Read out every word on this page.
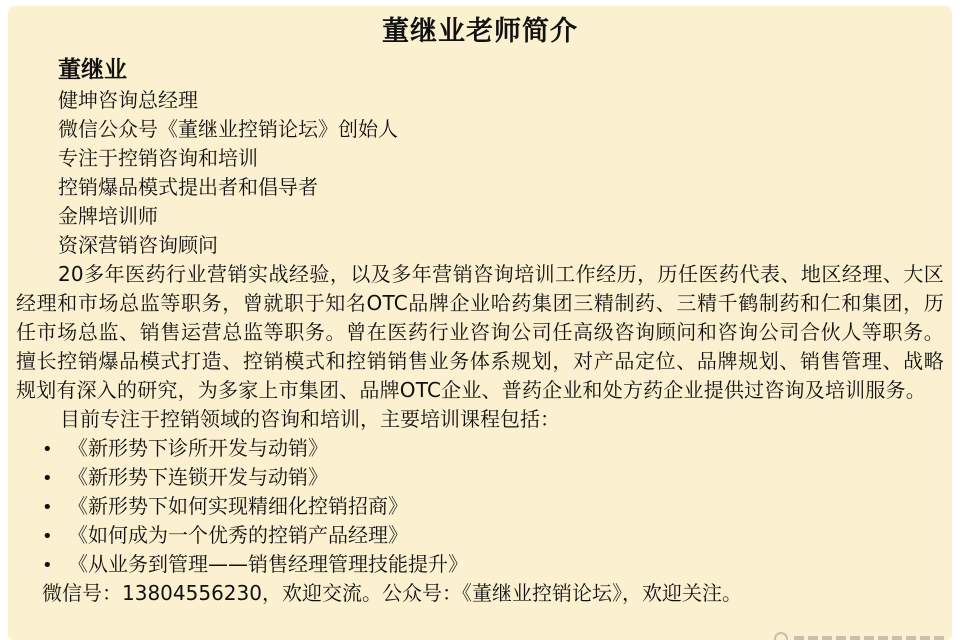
董继业老师简介
董继业
健坤咨询总经理
微信公众号《董继业控销论坛》创始人
专注于控销咨询和培训
控销爆品模式提出者和倡导者
金牌培训师
资深营销咨询顾问

20多年医药行业营销实战经验，以及多年营销咨询培训工作经历，历任医药代表、地区经理、大区经理和市场总监等职务，曾就职于知名OTC品牌企业哈药集团三精制药、三精千鹤制药和仁和集团，历任市场总监、销售运营总监等职务。曾在医药行业咨询公司任高级咨询顾问和咨询公司合伙人等职务。擅长控销爆品模式打造、控销模式和控销销售业务体系规划，对产品定位、品牌规划、销售管理、战略规划有深入的研究，为多家上市集团、品牌OTC企业、普药企业和处方药企业提供过咨询及培训服务。

目前专注于控销领域的咨询和培训，主要培训课程包括：
• 《新形势下诊所开发与动销》
• 《新形势下连锁开发与动销》
• 《新形势下如何实现精细化控销招商》
• 《如何成为一个优秀的控销产品经理》
• 《从业务到管理——销售经理管理技能提升》
微信号：13804556230，欢迎交流。公众号：《董继业控销论坛》，欢迎关注。
